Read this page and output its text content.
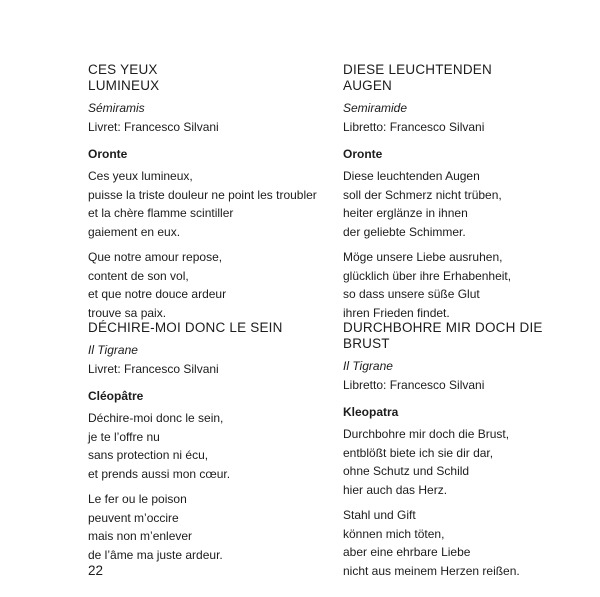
CES YEUX
LUMINEUX

Sémiramis

Livret: Francesco Silvani

Oronte

Ces yeux lumineux,

puisse la triste douleur ne point les troubler

et la chère flamme scintiller

gaiement en eux.

Que notre amour repose,

content de son vol,

et que notre douce ardeur

trouve sa paix.

DÉCHIRE-MOI DONC LE SEIN

Il Tigrane

Livret: Francesco Silvani

Cléopâtre

Déchire-moi donc le sein,

je te l’offre nu

sans protection ni écu,

et prends aussi mon cœur.

Le fer ou le poison

peuvent m’occire

mais non m’enlever

de l’âme ma juste ardeur.

DIESE LEUCHTENDEN
AUGEN

Semiramide

Libretto: Francesco Silvani

Oronte

Diese leuchtenden Augen

soll der Schmerz nicht trüben,

heiter erglänze in ihnen

der geliebte Schimmer.

Möge unsere Liebe ausruhen,

glücklich über ihre Erhabenheit,

so dass unsere süße Glut

ihren Frieden findet.

DURCHBOHRE MIR DOCH DIE BRUST

Il Tigrane

Libretto: Francesco Silvani

Kleopatra

Durchbohre mir doch die Brust,

entblößt biete ich sie dir dar,

ohne Schutz und Schild

hier auch das Herz.

Stahl und Gift

können mich töten,

aber eine ehrbare Liebe

nicht aus meinem Herzen reißen.

22
